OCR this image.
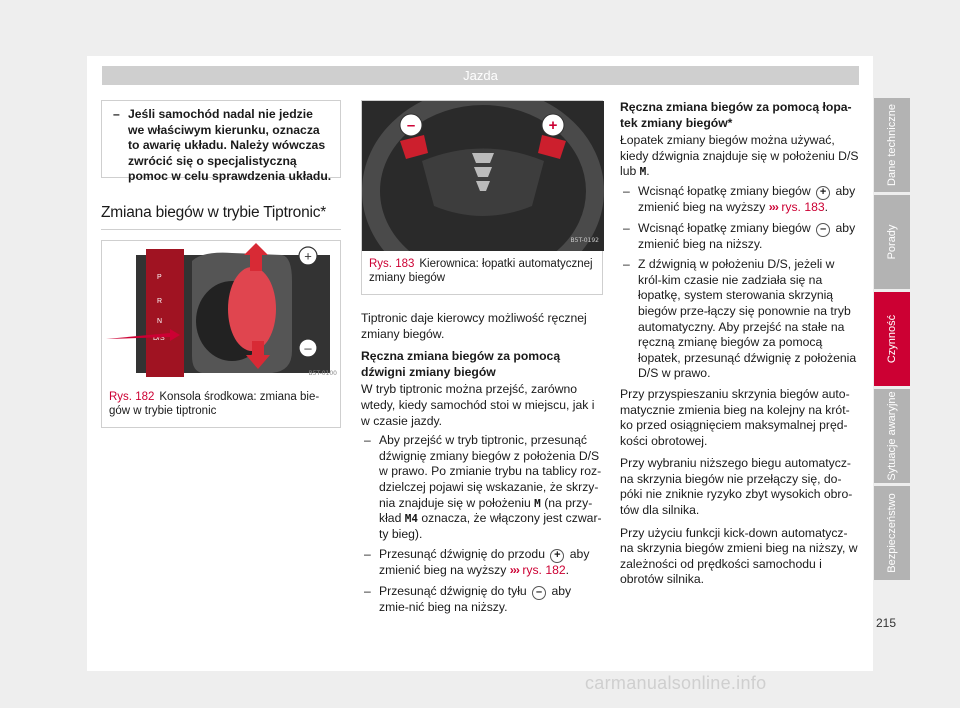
Jazda
– Jeśli samochód nadal nie jedzie we właściwym kierunku, oznacza to awarię układu. Należy wówczas zwrócić się o specjalistyczną pomoc w celu sprawdzenia układu.
Zmiana biegów w trybie Tiptronic*
P
R
N
D/S
+
–
B5T-0100
Rys. 182 Konsola środkowa: zmiana bie-gów w trybie tiptronic
–	+
B5T-0192
Rys. 183 Kierownica: łopatki automatycznej zmiany biegów

Tiptronic daje kierowcy możliwość ręcznej zmiany biegów.

Ręczna zmiana biegów za pomocą dźwigni zmiany biegów

W tryb tiptronic można przejść, zarówno wtedy, kiedy samochód stoi w miejscu, jak i w czasie jazdy.

– Aby przejść w tryb tiptronic, przesunąć dźwignię zmiany biegów z położenia D/S w prawo. Po zmianie trybu na tablicy roz-dzielczej pojawi się wskazanie, że skrzy-nia znajduje się w położeniu M (na przy-kład M4 oznacza, że włączony jest czwar-ty bieg).
– Przesunąć dźwignię do przodu + aby zmienić bieg na wyższy ››› rys. 182.
– Przesunąć dźwignię do tyłu – aby zmie-nić bieg na niższy.
Ręczna zmiana biegów za pomocą łopa-tek zmiany biegów*

Łopatek zmiany biegów można używać, kiedy dźwignia znajduje się w położeniu D/S lub M.

– Wcisnąć łopatkę zmiany biegów + aby zmienić bieg na wyższy ››› rys. 183.
– Wcisnąć łopatkę zmiany biegów – aby zmienić bieg na niższy.
– Z dźwignią w położeniu D/S, jeżeli w król-kim czasie nie zadziała się na łopatkę, system sterowania skrzynią biegów prze-łączy się ponownie na tryb automatyczny. Aby przejść na stałe na ręczną zmianę biegów za pomocą łopatek, przesunąć dźwignię z położenia D/S w prawo.

Przy przyspieszaniu skrzynia biegów auto-matycznie zmienia bieg na kolejny na krót-ko przed osiągnięciem maksymalnej pręd-kości obrotowej.

Przy wybraniu niższego biegu automatycz-na skrzynia biegów nie przełączy się, do-póki nie zniknie ryzyko zbyt wysokich obro-tów dla silnika.

Przy użyciu funkcji kick-down automatycz-na skrzynia biegów zmieni bieg na niższy, w zależności od prędkości samochodu i obrotów silnika.

Dane techniczne
Porady
Czynność
Sytuacje awaryjne
Bezpieczeństwo
215
carmanualsonline.info
